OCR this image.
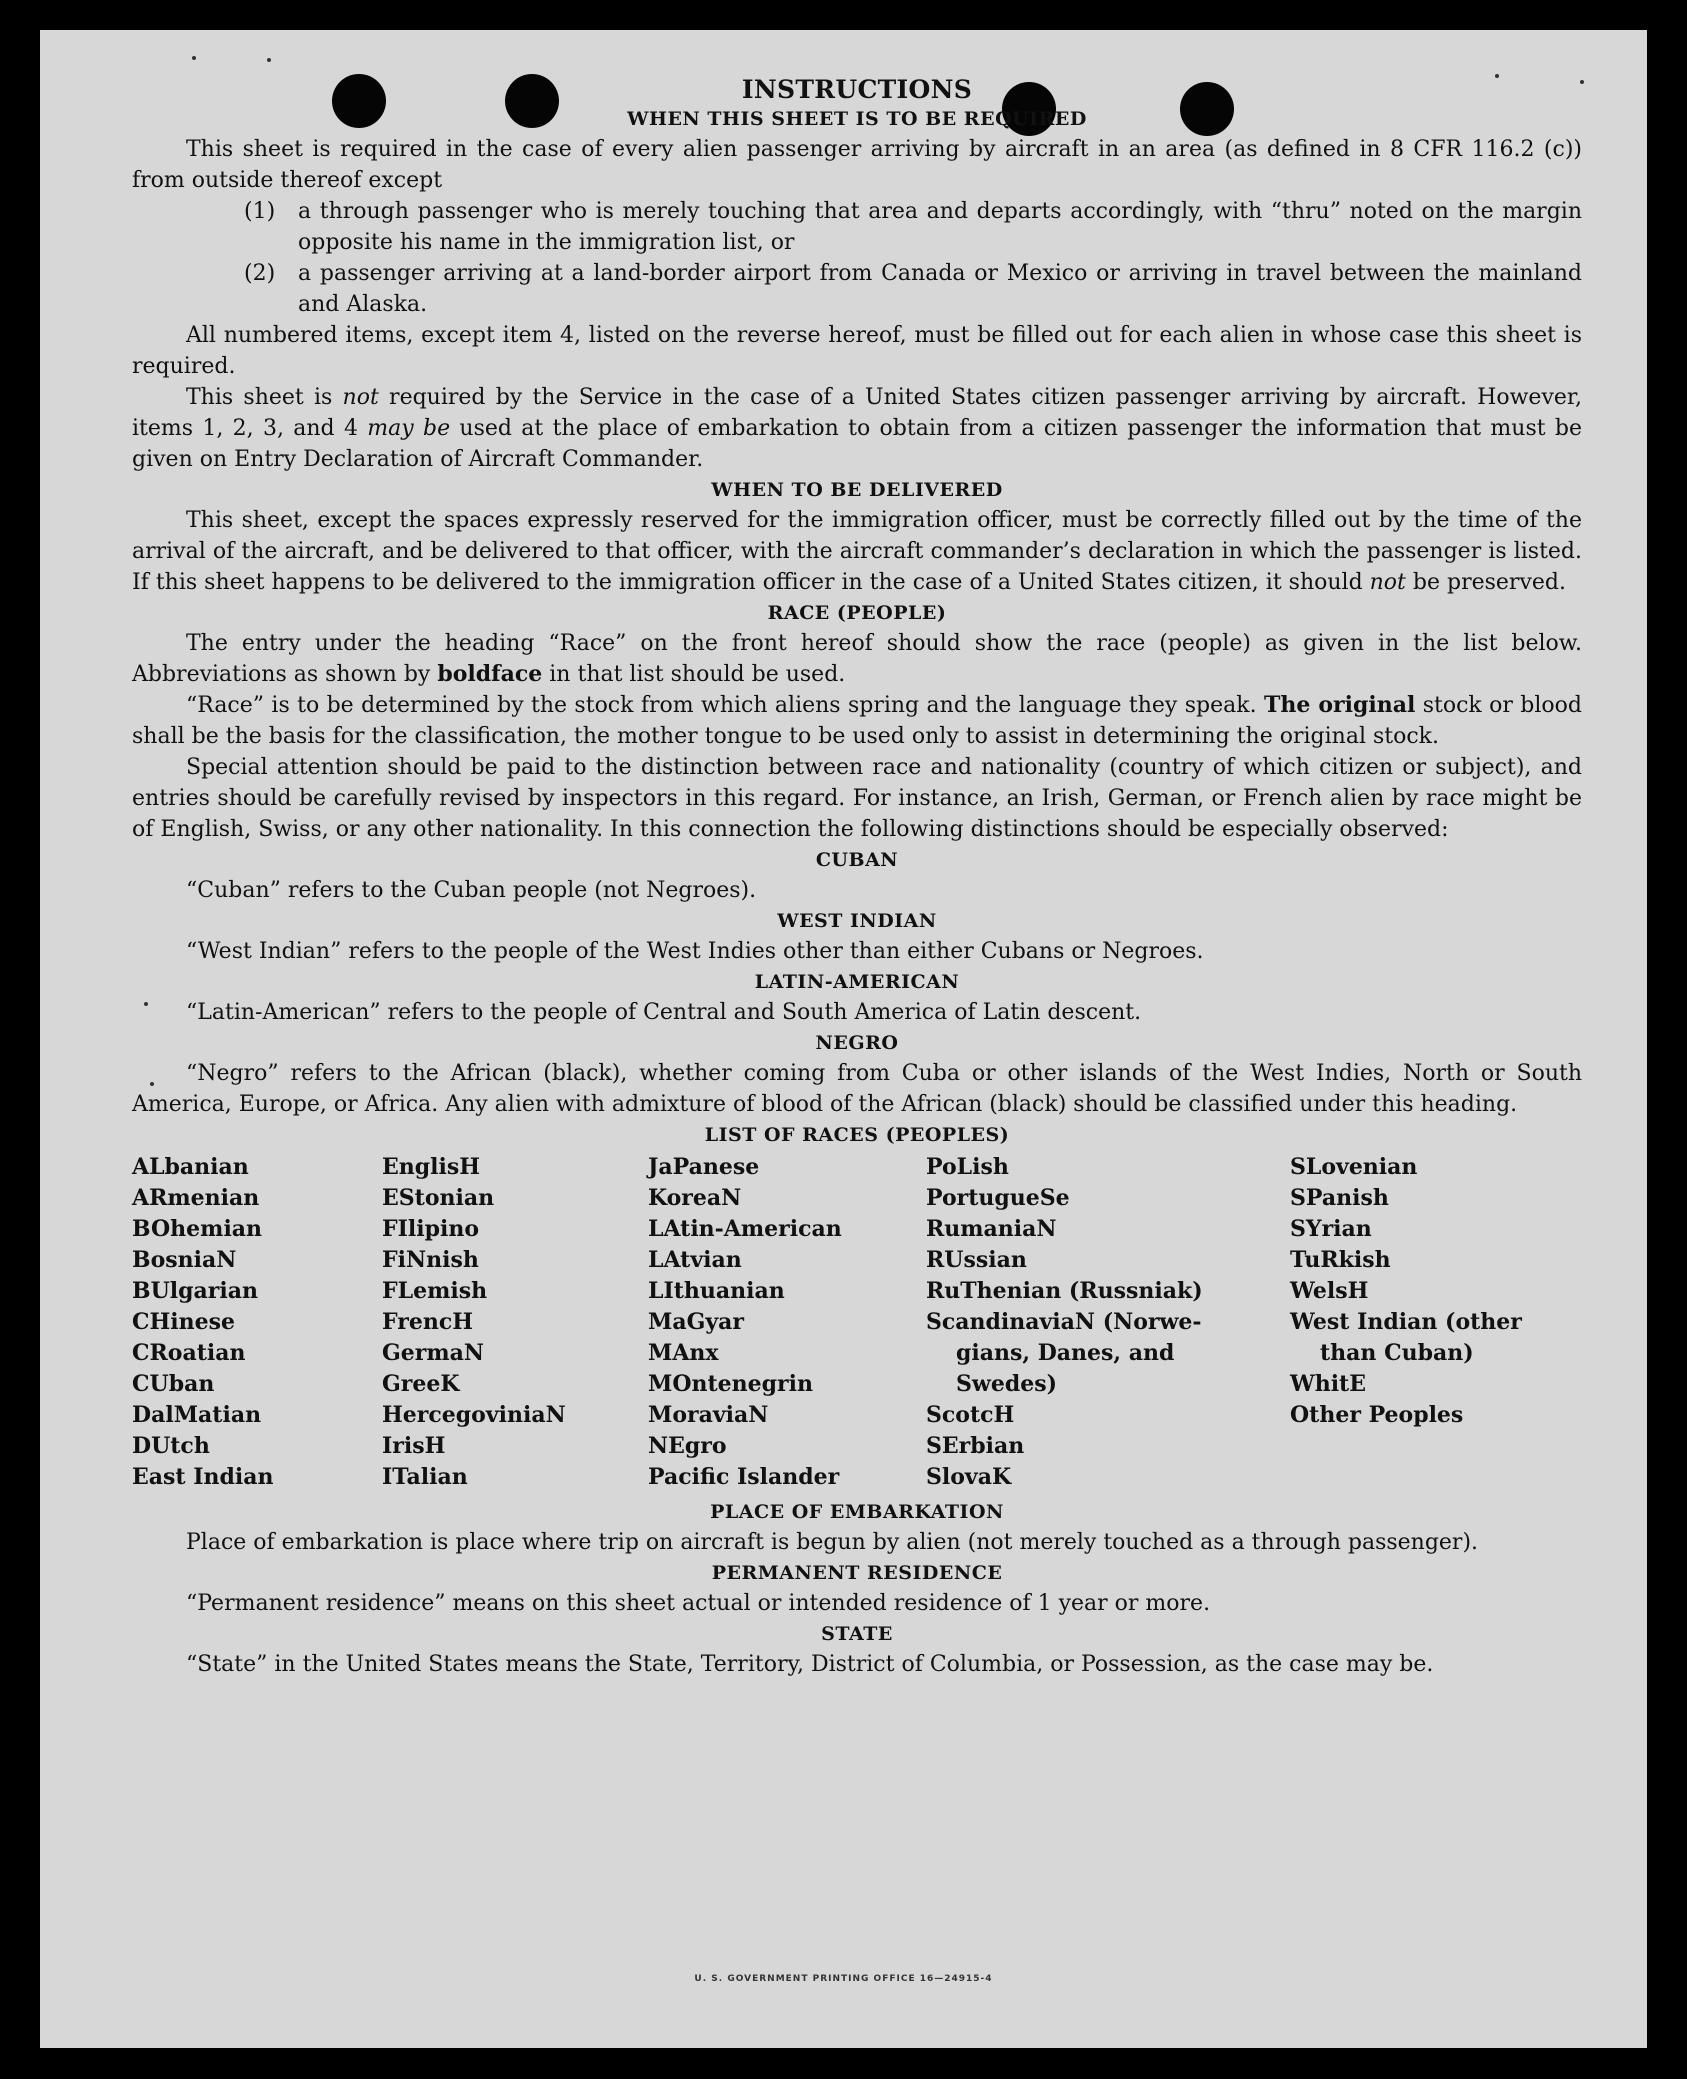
INSTRUCTIONS
WHEN THIS SHEET IS TO BE REQUIRED

This sheet is required in the case of every alien passenger arriving by aircraft in an area (as defined in 8 CFR 116.2 (c)) from outside thereof except

(1)	a through passenger who is merely touching that area and departs accordingly, with “thru” noted on the margin opposite his name in the immigration list, or
(2)	a passenger arriving at a land-border airport from Canada or Mexico or arriving in travel between the mainland and Alaska.

All numbered items, except item 4, listed on the reverse hereof, must be filled out for each alien in whose case this sheet is required.

This sheet is not required by the Service in the case of a United States citizen passenger arriving by aircraft. However, items 1, 2, 3, and 4 may be used at the place of embarkation to obtain from a citizen passenger the information that must be given on Entry Declaration of Aircraft Commander.

WHEN TO BE DELIVERED

This sheet, except the spaces expressly reserved for the immigration officer, must be correctly filled out by the time of the arrival of the aircraft, and be delivered to that officer, with the aircraft commander’s declaration in which the passenger is listed. If this sheet happens to be delivered to the immigration officer in the case of a United States citizen, it should not be preserved.

RACE (PEOPLE)

The entry under the heading “Race” on the front hereof should show the race (people) as given in the list below. Abbreviations as shown by boldface in that list should be used.

“Race” is to be determined by the stock from which aliens spring and the language they speak. The original stock or blood shall be the basis for the classification, the mother tongue to be used only to assist in determining the original stock.

Special attention should be paid to the distinction between race and nationality (country of which citizen or subject), and entries should be carefully revised by inspectors in this regard. For instance, an Irish, German, or French alien by race might be of English, Swiss, or any other nationality. In this connection the following distinctions should be especially observed:

CUBAN
“Cuban” refers to the Cuban people (not Negroes).
WEST INDIAN
“West Indian” refers to the people of the West Indies other than either Cubans or Negroes.
LATIN-AMERICAN
“Latin-American” refers to the people of Central and South America of Latin descent.
NEGRO

“Negro” refers to the African (black), whether coming from Cuba or other islands of the West Indies, North or South America, Europe, or Africa. Any alien with admixture of blood of the African (black) should be classified under this heading.

LIST OF RACES (PEOPLES)
ALbanian
ARmenian
BOhemian
BosniaN
BUlgarian
CHinese
CRoatian
CUban
DalMatian
DUtch
East Indian
EnglisH
EStonian
FIlipino
FiNnish
FLemish
FrencH
GermaN
GreeK
HercegoviniaN
IrisH
ITalian
JaPanese
KoreaN
LAtin-American
LAtvian
LIthuanian
MaGyar
MAnx
MOntenegrin
MoraviaN
NEgro
Pacific Islander
PoLish
PortugueSe
RumaniaN
RUssian
RuThenian (Russniak)
ScandinaviaN (Norwe-
gians, Danes, and
Swedes)
ScotcH
SErbian
SlovaK
SLovenian
SPanish
SYrian
TuRkish
WelsH
West Indian (other
than Cuban)
WhitE
Other Peoples
PLACE OF EMBARKATION

Place of embarkation is place where trip on aircraft is begun by alien (not merely touched as a through passenger).

PERMANENT RESIDENCE

“Permanent residence” means on this sheet actual or intended residence of 1 year or more.

STATE

“State” in the United States means the State, Territory, District of Columbia, or Possession, as the case may be.

U. S. GOVERNMENT PRINTING OFFICE 16—24915-4
